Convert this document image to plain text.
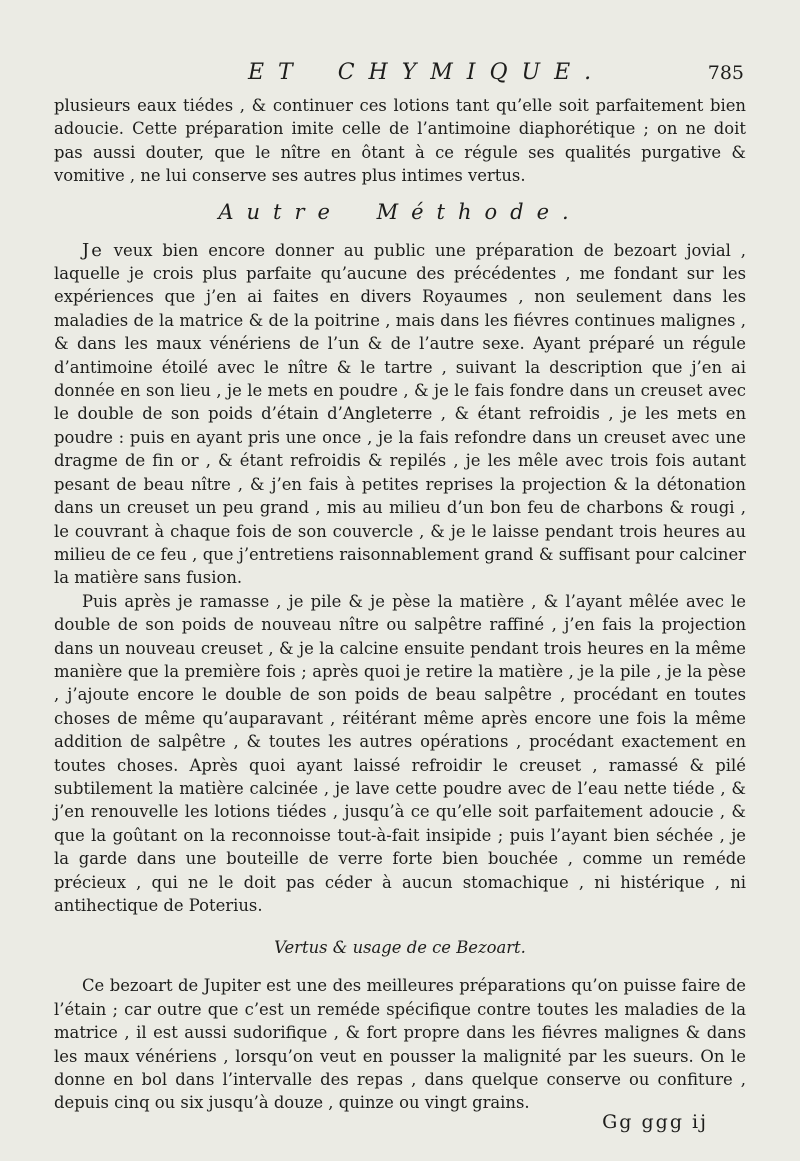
ET CHYMIQUE.	785

plusieurs eaux tiédes , & continuer ces lotions tant qu’elle soit parfaitement bien adoucie. Cette préparation imite celle de l’antimoine diaphorétique ; on ne doit pas aussi douter, que le nître en ôtant à ce régule ses qualités purgative & vomitive , ne lui conserve ses autres plus intimes vertus.

Autre Méthode.

Je veux bien encore donner au public une préparation de bezoart jovial , laquelle je crois plus parfaite qu’aucune des précédentes , me fondant sur les expériences que j’en ai faites en divers Royaumes , non seulement dans les maladies de la matrice & de la poitrine , mais dans les fiévres continues malignes , & dans les maux vénériens de l’un & de l’autre sexe. Ayant préparé un régule d’antimoine étoilé avec le nître & le tartre , suivant la description que j’en ai donnée en son lieu , je le mets en poudre , & je le fais fondre dans un creuset avec le double de son poids d’étain d’Angleterre , & étant refroidis , je les mets en poudre : puis en ayant pris une once , je la fais refondre dans un creuset avec une dragme de fin or , & étant refroidis & repilés , je les mêle avec trois fois autant pesant de beau nître , & j’en fais à petites reprises la projection & la détonation dans un creuset un peu grand , mis au milieu d’un bon feu de charbons & rougi , le couvrant à chaque fois de son couvercle , & je le laisse pendant trois heures au milieu de ce feu , que j’entretiens raisonnablement grand & suffisant pour calciner la matière sans fusion.

Puis après je ramasse , je pile & je pèse la matière , & l’ayant mêlée avec le double de son poids de nouveau nître ou salpêtre raffiné , j’en fais la projection dans un nouveau creuset , & je la calcine ensuite pendant trois heures en la même manière que la première fois ; après quoi je retire la matière , je la pile , je la pèse , j’ajoute encore le double de son poids de beau salpêtre , procédant en toutes choses de même qu’auparavant , réitérant même après encore une fois la même addition de salpêtre , & toutes les autres opérations , procédant exactement en toutes choses. Après quoi ayant laissé refroidir le creuset , ramassé & pilé subtilement la matière calcinée , je lave cette poudre avec de l’eau nette tiéde , & j’en renouvelle les lotions tiédes , jusqu’à ce qu’elle soit parfaitement adoucie , & que la goûtant on la reconnoisse tout-à-fait insipide ; puis l’ayant bien séchée , je la garde dans une bouteille de verre forte bien bouchée , comme un reméde précieux , qui ne le doit pas céder à aucun stomachique , ni histérique , ni antihectique de Poterius.

Vertus & usage de ce Bezoart.

Ce bezoart de Jupiter est une des meilleures préparations qu’on puisse faire de l’étain ; car outre que c’est un reméde spécifique contre toutes les maladies de la matrice , il est aussi sudorifique , & fort propre dans les fiévres malignes & dans les maux vénériens , lorsqu’on veut en pousser la malignité par les sueurs. On le donne en bol dans l’intervalle des repas , dans quelque conserve ou confiture , depuis cinq ou six jusqu’à douze , quinze ou vingt grains.

Gg ggg ij
